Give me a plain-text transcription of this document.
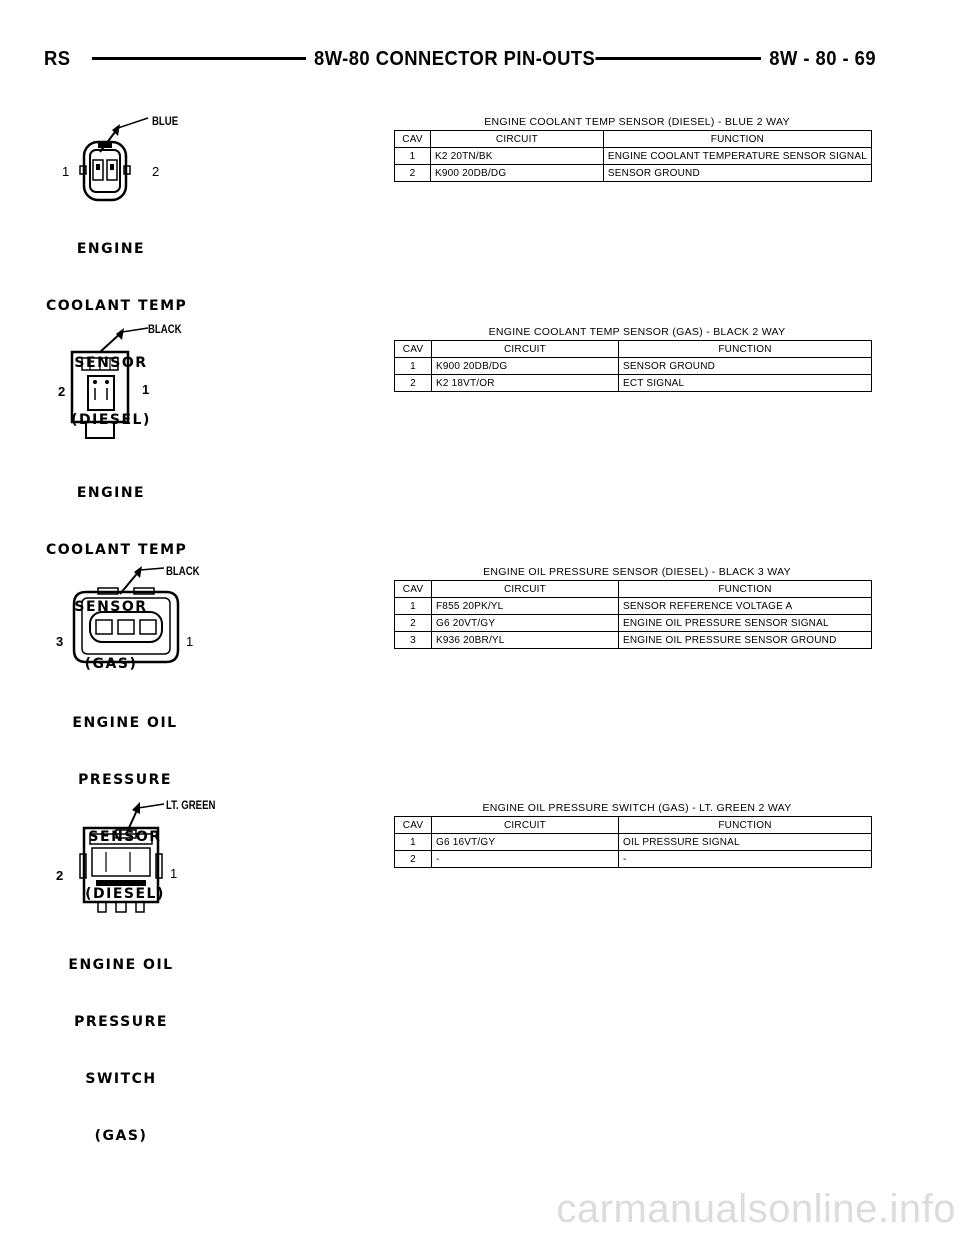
RS	8W-80 CONNECTOR PIN-OUTS	8W - 80 - 69
BLUE
1	2

ENGINE

COOLANT TEMP

SENSOR

(DIESEL)

ENGINE COOLANT TEMP SENSOR (DIESEL) - BLUE 2 WAY
CAV	CIRCUIT	FUNCTION
1	K2 20TN/BK	ENGINE COOLANT TEMPERATURE SENSOR SIGNAL
2	K900 20DB/DG	SENSOR GROUND
BLACK
2	1

ENGINE

COOLANT TEMP

SENSOR

(GAS)

ENGINE COOLANT TEMP SENSOR (GAS) - BLACK 2 WAY
CAV	CIRCUIT	FUNCTION
1	K900 20DB/DG	SENSOR GROUND
2	K2 18VT/OR	ECT SIGNAL
BLACK
3	1

ENGINE OIL

PRESSURE

SENSOR

(DIESEL)

ENGINE OIL PRESSURE SENSOR (DIESEL) - BLACK 3 WAY
CAV	CIRCUIT	FUNCTION
1	F855 20PK/YL	SENSOR REFERENCE VOLTAGE A
2	G6 20VT/GY	ENGINE OIL PRESSURE SENSOR SIGNAL
3	K936 20BR/YL	ENGINE OIL PRESSURE SENSOR GROUND
LT. GREEN
2	1

ENGINE OIL

PRESSURE

SWITCH

(GAS)

ENGINE OIL PRESSURE SWITCH (GAS) - LT. GREEN 2 WAY
CAV	CIRCUIT	FUNCTION
1	G6 16VT/GY	OIL PRESSURE SIGNAL
2	-	-
carmanualsonline.info
